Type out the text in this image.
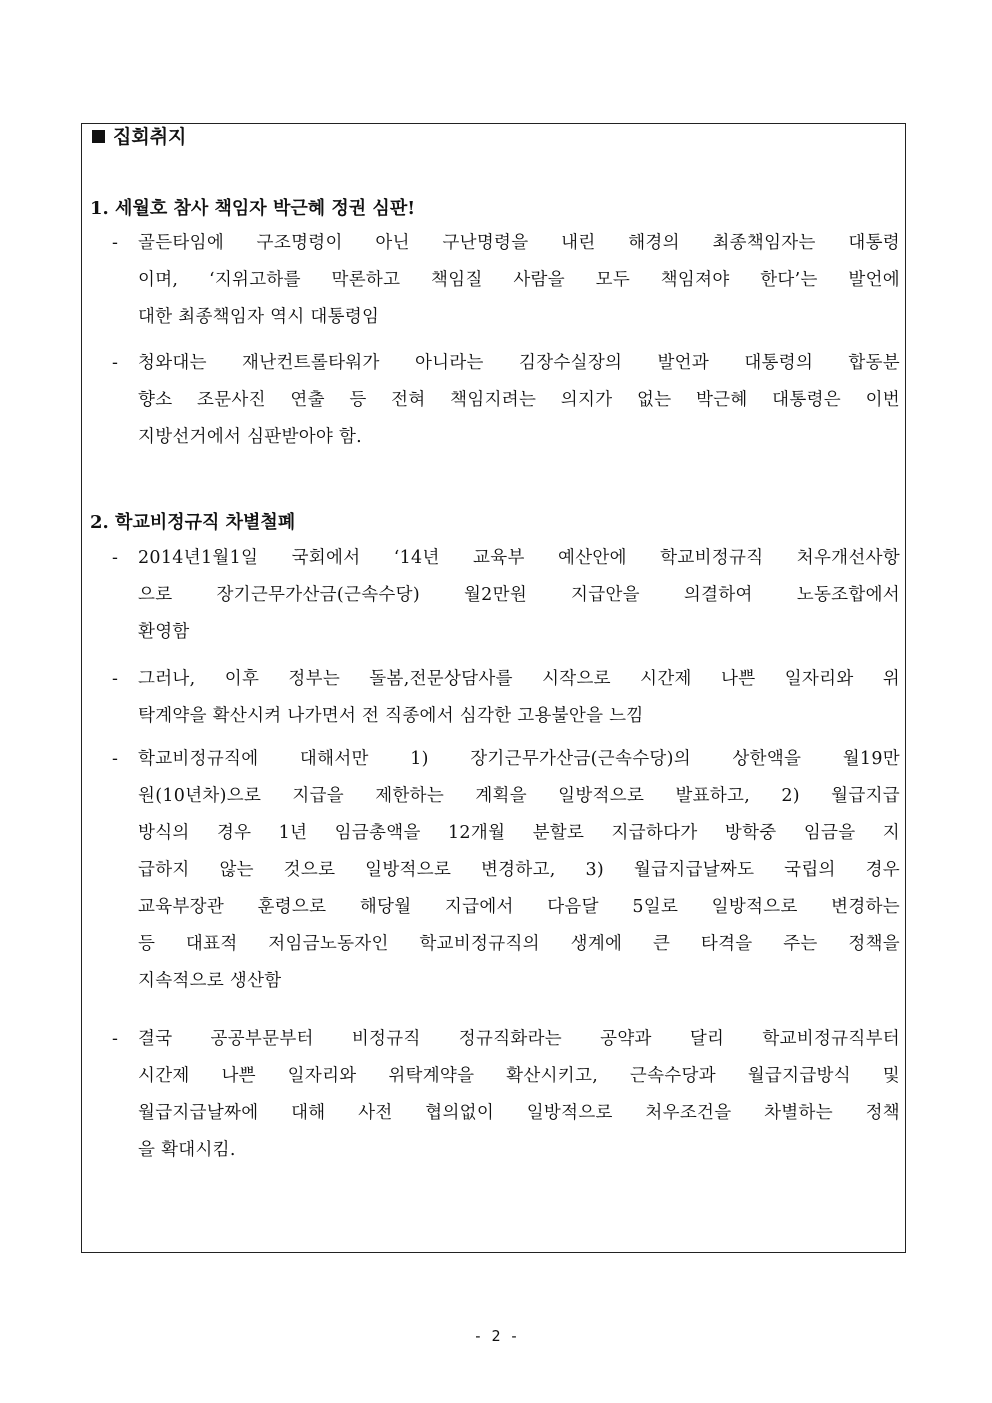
집회취지
1. 세월호 참사 책임자 박근혜 정권 심판!
-	골든타임에 구조명령이 아닌 구난명령을 내린 해경의 최종책임자는 대통령
이며, ‘지위고하를 막론하고 책임질 사람을 모두 책임져야 한다’는 발언에
대한 최종책임자 역시 대통령임
-	청와대는 재난컨트롤타워가 아니라는 김장수실장의 발언과 대통령의 합동분
향소 조문사진 연출 등 전혀 책임지려는 의지가 없는 박근혜 대통령은 이번
지방선거에서 심판받아야 함.
2. 학교비정규직 차별철폐
-	2014년1월1일 국회에서 ‘14년 교육부 예산안에 학교비정규직 처우개선사항
으로 장기근무가산금(근속수당) 월2만원 지급안을 의결하여 노동조합에서
환영함
-	그러나, 이후 정부는 돌봄,전문상담사를 시작으로 시간제 나쁜 일자리와 위
탁계약을 확산시켜 나가면서 전 직종에서 심각한 고용불안을 느낌
-	학교비정규직에 대해서만 1) 장기근무가산금(근속수당)의 상한액을 월19만
원(10년차)으로 지급을 제한하는 계획을 일방적으로 발표하고, 2) 월급지급
방식의 경우 1년 임금총액을 12개월 분할로 지급하다가 방학중 임금을 지
급하지 않는 것으로 일방적으로 변경하고, 3) 월급지급날짜도 국립의 경우
교육부장관 훈령으로 해당월 지급에서 다음달 5일로 일방적으로 변경하는
등 대표적 저임금노동자인 학교비정규직의 생계에 큰 타격을 주는 정책을
지속적으로 생산함
-	결국 공공부문부터 비정규직 정규직화라는 공약과 달리 학교비정규직부터
시간제 나쁜 일자리와 위탁계약을 확산시키고, 근속수당과 월급지급방식 및
월급지급날짜에 대해 사전 협의없이 일방적으로 처우조건을 차별하는 정책
을 확대시킴.
- 2 -
